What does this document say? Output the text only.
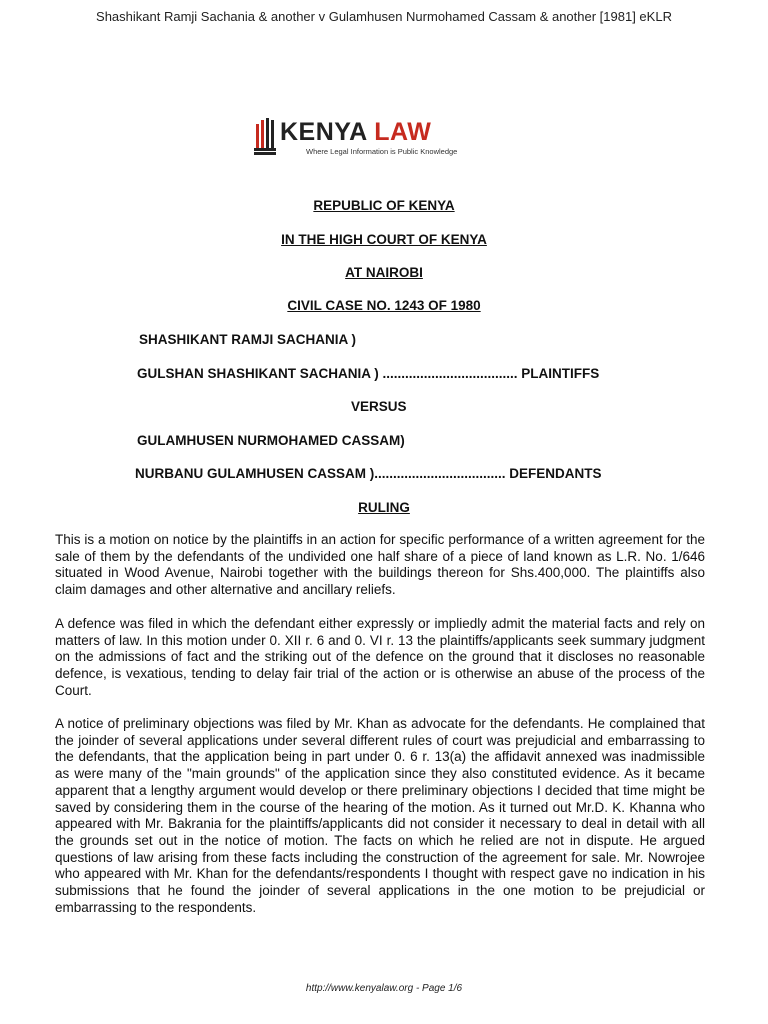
Shashikant Ramji Sachania & another v Gulamhusen Nurmohamed Cassam & another [1981] eKLR
KENYA LAW
Where Legal Information is Public Knowledge
REPUBLIC OF KENYA
IN THE HIGH COURT OF KENYA
AT NAIROBI
CIVIL CASE NO. 1243 OF 1980
SHASHIKANT RAMJI SACHANIA )
GULSHAN SHASHIKANT SACHANIA ) .................................... PLAINTIFFS
VERSUS
GULAMHUSEN NURMOHAMED CASSAM)
NURBANU GULAMHUSEN CASSAM )................................... DEFENDANTS
RULING
This is a motion on notice by the plaintiffs in an action for specific performance of a written agreement for the sale of them by the defendants of the undivided one half share of a piece of land known as L.R. No. 1/646 situated in Wood Avenue, Nairobi together with the buildings thereon for Shs.400,000. The plaintiffs also claim damages and other alternative and ancillary reliefs.
A defence was filed in which the defendant either expressly or impliedly admit the material facts and rely on matters of law. In this motion under 0. XII r. 6 and 0. VI r. 13 the plaintiffs/applicants seek summary judgment on the admissions of fact and the striking out of the defence on the ground that it discloses no reasonable defence, is vexatious, tending to delay fair trial of the action or is otherwise an abuse of the process of the Court.
A notice of preliminary objections was filed by Mr. Khan as advocate for the defendants. He complained that the joinder of several applications under several different rules of court was prejudicial and embarrassing to the defendants, that the application being in part under 0. 6 r. 13(a) the affidavit annexed was inadmissible as were many of the "main grounds" of the application since they also constituted evidence. As it became apparent that a lengthy argument would develop or there preliminary objections I decided that time might be saved by considering them in the course of the hearing of the motion. As it turned out Mr.D. K. Khanna who appeared with Mr. Bakrania for the plaintiffs/applicants did not consider it necessary to deal in detail with all the grounds set out in the notice of motion. The facts on which he relied are not in dispute. He argued questions of law arising from these facts including the construction of the agreement for sale. Mr. Nowrojee who appeared with Mr. Khan for the defendants/respondents I thought with respect gave no indication in his submissions that he found the joinder of several applications in the one motion to be prejudicial or embarrassing to the respondents.
http://www.kenyalaw.org - Page 1/6
